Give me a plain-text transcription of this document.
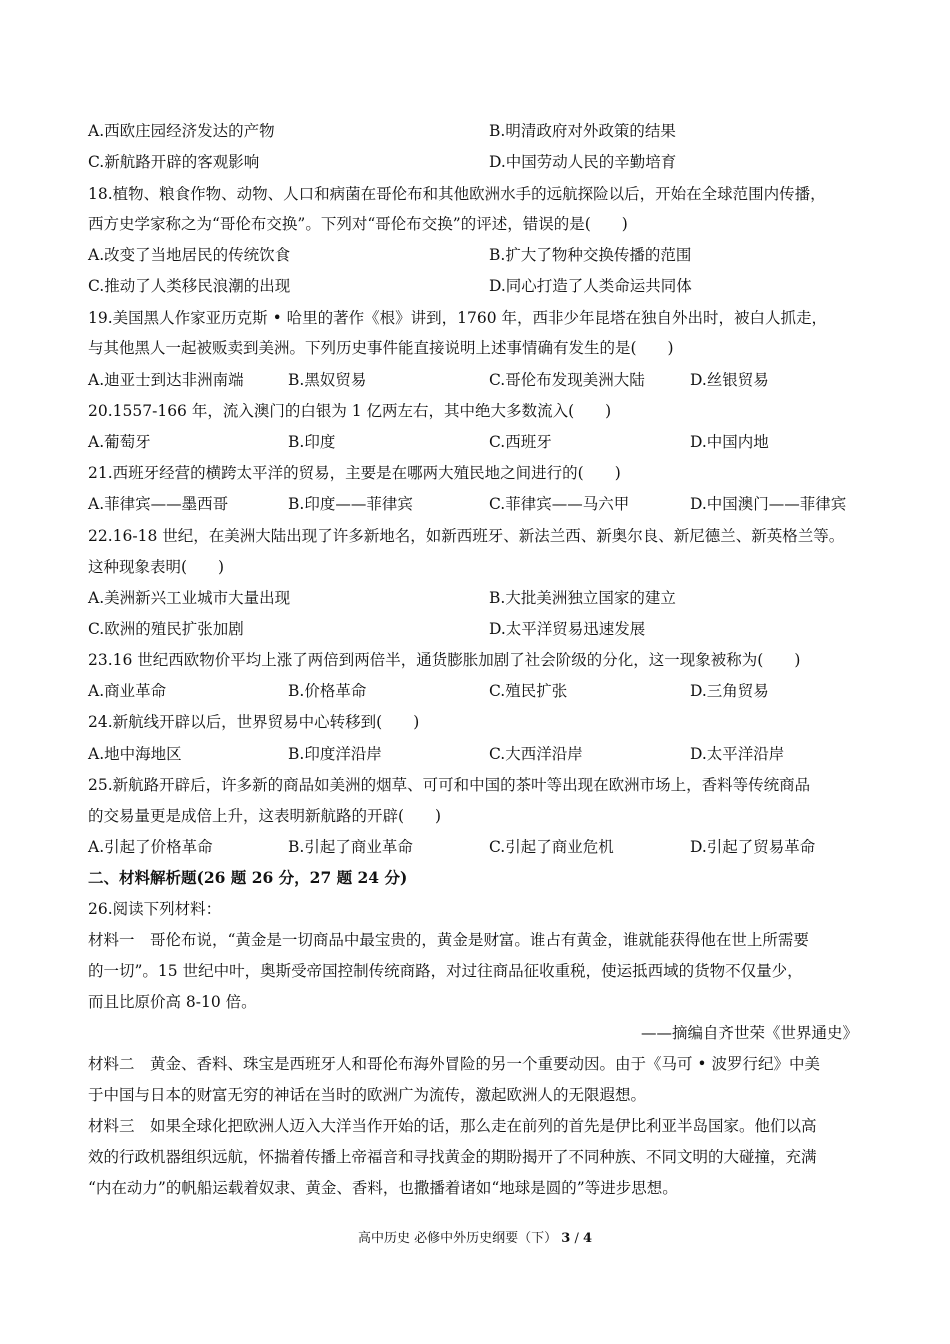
A.西欧庄园经济发达的产物	B.明清政府对外政策的结果
C.新航路开辟的客观影响	D.中国劳动人民的辛勤培育
18.植物、粮食作物、动物、人口和病菌在哥伦布和其他欧洲水手的远航探险以后，开始在全球范围内传播，
西方史学家称之为“哥伦布交换”。下列对“哥伦布交换”的评述，错误的是(　　)
A.改变了当地居民的传统饮食	B.扩大了物种交换传播的范围
C.推动了人类移民浪潮的出现	D.同心打造了人类命运共同体
19.美国黑人作家亚历克斯 • 哈里的著作《根》讲到，1760 年，西非少年昆塔在独自外出时，被白人抓走，
与其他黑人一起被贩卖到美洲。下列历史事件能直接说明上述事情确有发生的是(　　)
A.迪亚士到达非洲南端	B.黑奴贸易	C.哥伦布发现美洲大陆	D.丝银贸易
20.1557-166 年，流入澳门的白银为 1 亿两左右，其中绝大多数流入(　　)
A.葡萄牙	B.印度	C.西班牙	D.中国内地
21.西班牙经营的横跨太平洋的贸易，主要是在哪两大殖民地之间进行的(　　)
A.菲律宾——墨西哥	B.印度——菲律宾	C.菲律宾——马六甲	D.中国澳门——菲律宾
22.16-18 世纪，在美洲大陆出现了许多新地名，如新西班牙、新法兰西、新奥尔良、新尼德兰、新英格兰等。
这种现象表明(　　)
A.美洲新兴工业城市大量出现	B.大批美洲独立国家的建立
C.欧洲的殖民扩张加剧	D.太平洋贸易迅速发展
23.16 世纪西欧物价平均上涨了两倍到两倍半，通货膨胀加剧了社会阶级的分化，这一现象被称为(　　)
A.商业革命	B.价格革命	C.殖民扩张	D.三角贸易
24.新航线开辟以后，世界贸易中心转移到(　　)
A.地中海地区	B.印度洋沿岸	C.大西洋沿岸	D.太平洋沿岸
25.新航路开辟后，许多新的商品如美洲的烟草、可可和中国的茶叶等出现在欧洲市场上，香料等传统商品
的交易量更是成倍上升，这表明新航路的开辟(　　)
A.引起了价格革命	B.引起了商业革命	C.引起了商业危机	D.引起了贸易革命
二、材料解析题(26 题 26 分，27 题 24 分)
26.阅读下列材料：
材料一　哥伦布说，“黄金是一切商品中最宝贵的，黄金是财富。谁占有黄金，谁就能获得他在世上所需要
的一切”。15 世纪中叶，奥斯受帝国控制传统商路，对过往商品征收重税，使运抵西域的货物不仅量少，
而且比原价高 8-10 倍。
——摘编自齐世荣《世界通史》
材料二　黄金、香料、珠宝是西班牙人和哥伦布海外冒险的另一个重要动因。由于《马可 • 波罗行纪》中美
于中国与日本的财富无穷的神话在当时的欧洲广为流传，激起欧洲人的无限遐想。
材料三　如果全球化把欧洲人迈入大洋当作开始的话，那么走在前列的首先是伊比利亚半岛国家。他们以高
效的行政机器组织远航，怀揣着传播上帝福音和寻找黄金的期盼揭开了不同种族、不同文明的大碰撞，充满
“内在动力”的帆船运载着奴隶、黄金、香料，也撒播着诸如“地球是圆的”等进步思想。
高中历史 必修中外历史纲要（下） 3 / 4
